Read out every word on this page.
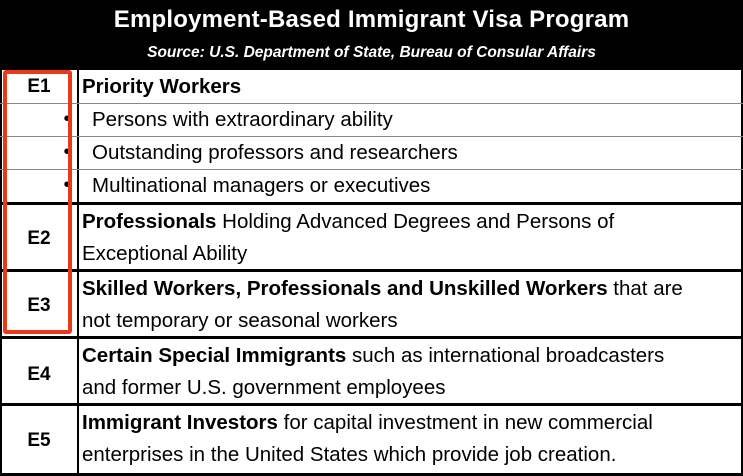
Employment-Based Immigrant Visa Program
Source: U.S. Department of State, Bureau of Consular Affairs
E1	Priority Workers
• Persons with extraordinary ability
• Outstanding professors and researchers
• Multinational managers or executives
E2
Professionals Holding Advanced Degrees and Persons of
Exceptional Ability
E3
Skilled Workers, Professionals and Unskilled Workers that are
not temporary or seasonal workers
E4
Certain Special Immigrants such as international broadcasters
and former U.S. government employees
E5
Immigrant Investors for capital investment in new commercial
enterprises in the United States which provide job creation.
